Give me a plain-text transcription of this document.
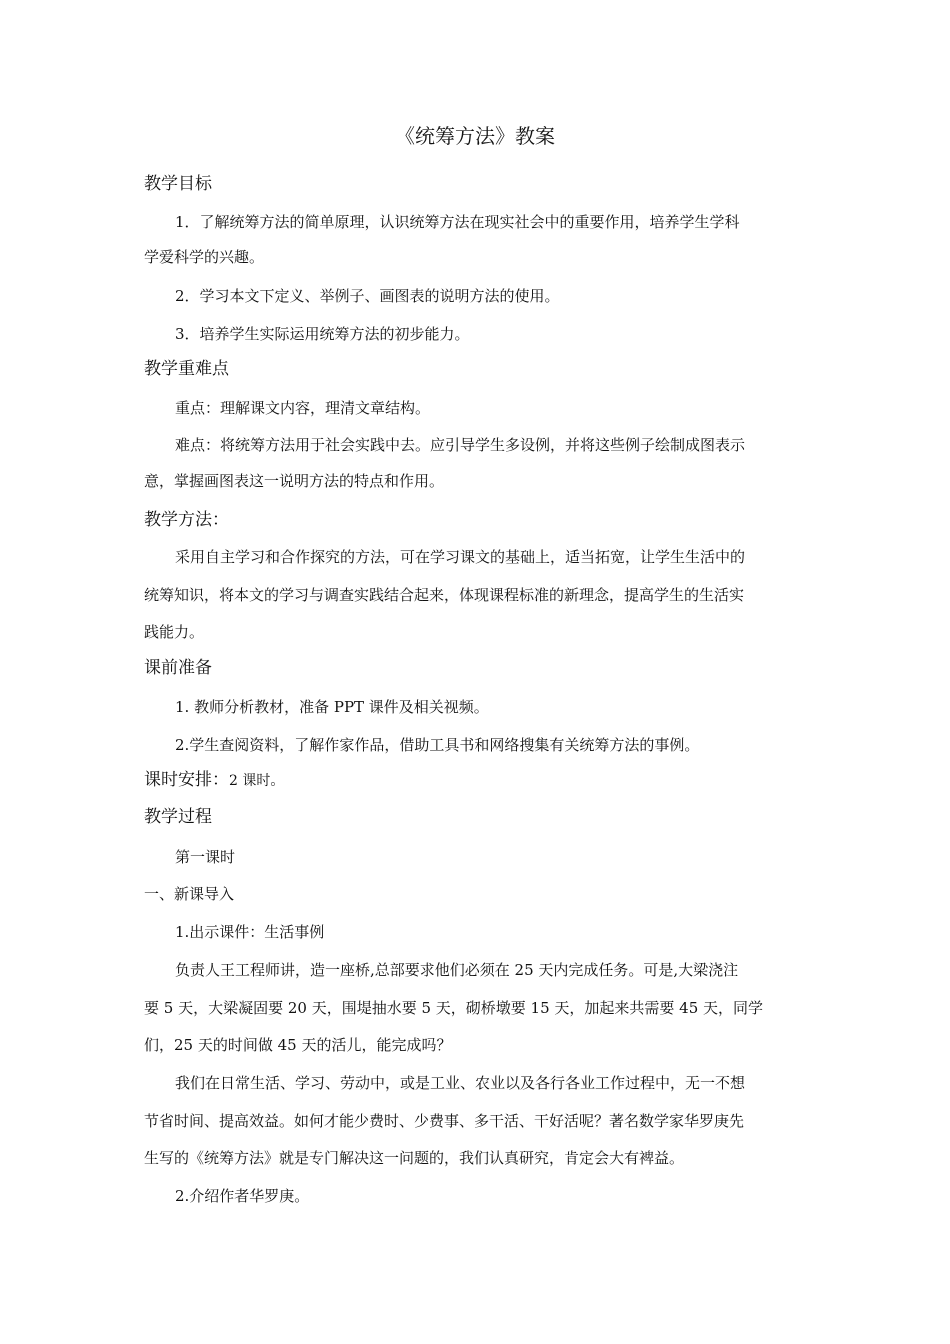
《统筹方法》教案
教学目标
1．了解统筹方法的简单原理，认识统筹方法在现实社会中的重要作用，培养学生学科
学爱科学的兴趣。
2．学习本文下定义、举例子、画图表的说明方法的使用。
3．培养学生实际运用统筹方法的初步能力。
教学重难点
重点：理解课文内容，理清文章结构。
难点：将统筹方法用于社会实践中去。应引导学生多设例，并将这些例子绘制成图表示
意，掌握画图表这一说明方法的特点和作用。
教学方法：
采用自主学习和合作探究的方法，可在学习课文的基础上，适当拓宽，让学生生活中的
统筹知识，将本文的学习与调查实践结合起来，体现课程标准的新理念，提高学生的生活实
践能力。
课前准备
1. 教师分析教材，准备 PPT 课件及相关视频。
2.学生查阅资料，了解作家作品，借助工具书和网络搜集有关统筹方法的事例。
课时安排：2 课时。
教学过程
第一课时
一、新课导入
1.出示课件：生活事例
负责人王工程师讲，造一座桥,总部要求他们必须在 25 天内完成任务。可是,大梁浇注
要 5 天，大梁凝固要 20 天，围堤抽水要 5 天，砌桥墩要 15 天，加起来共需要 45 天，同学
们，25 天的时间做 45 天的活儿，能完成吗？
我们在日常生活、学习、劳动中，或是工业、农业以及各行各业工作过程中，无一不想
节省时间、提高效益。如何才能少费时、少费事、多干活、干好活呢？著名数学家华罗庚先
生写的《统筹方法》就是专门解决这一问题的，我们认真研究，肯定会大有裨益。
2.介绍作者华罗庚。
